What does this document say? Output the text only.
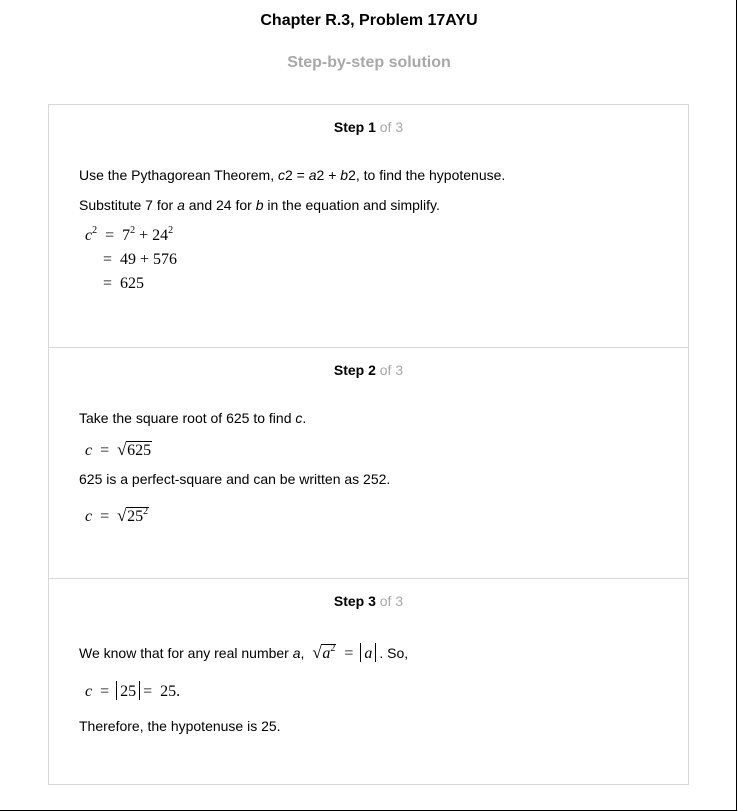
Chapter R.3, Problem 17AYU
Step-by-step solution
Step 1 of 3
Use the Pythagorean Theorem, c2 = a2 + b2, to find the hypotenuse.
Substitute 7 for a and 24 for b in the equation and simplify.
$c^2 = 7^2 + 24^2$
= 49 + 576
= 625
Step 2 of 3
Take the square root of 625 to find c.
c = √ 625
625 is a perfect-square and can be written as 252.
c = √ $25^2$
Step 3 of 3
We know that for any real number a, √ $a^2 = a$ . So,
c = 25 = 25.
Therefore, the hypotenuse is 25.
